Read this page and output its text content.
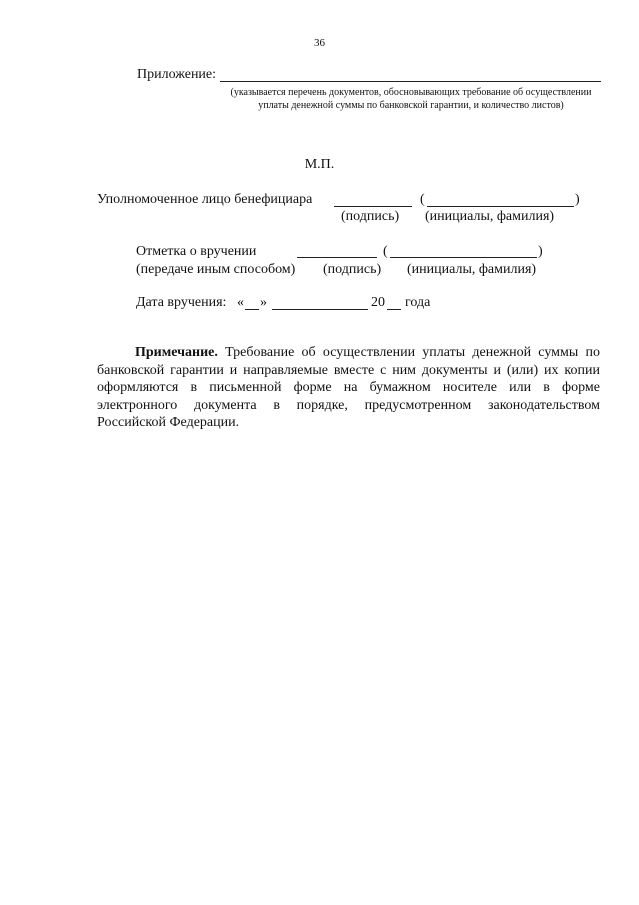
36
Приложение:
(указывается перечень документов, обосновывающих требование об осуществлении уплаты денежной суммы по банковской гарантии, и количество листов)
М.П.
Уполномоченное лицо бенефициара	(	)
(подпись) (инициалы, фамилия)
Отметка о вручении
(передаче иным способом)
(	)
(подпись) (инициалы, фамилия)
Дата вручения: « »	20 года
Примечание. Требование об осуществлении уплаты денежной суммы по банковской гарантии и направляемые вместе с ним документы и (или) их копии оформляются в письменной форме на бумажном носителе или в форме электронного документа в порядке, предусмотренном законодательством Российской Федерации.
